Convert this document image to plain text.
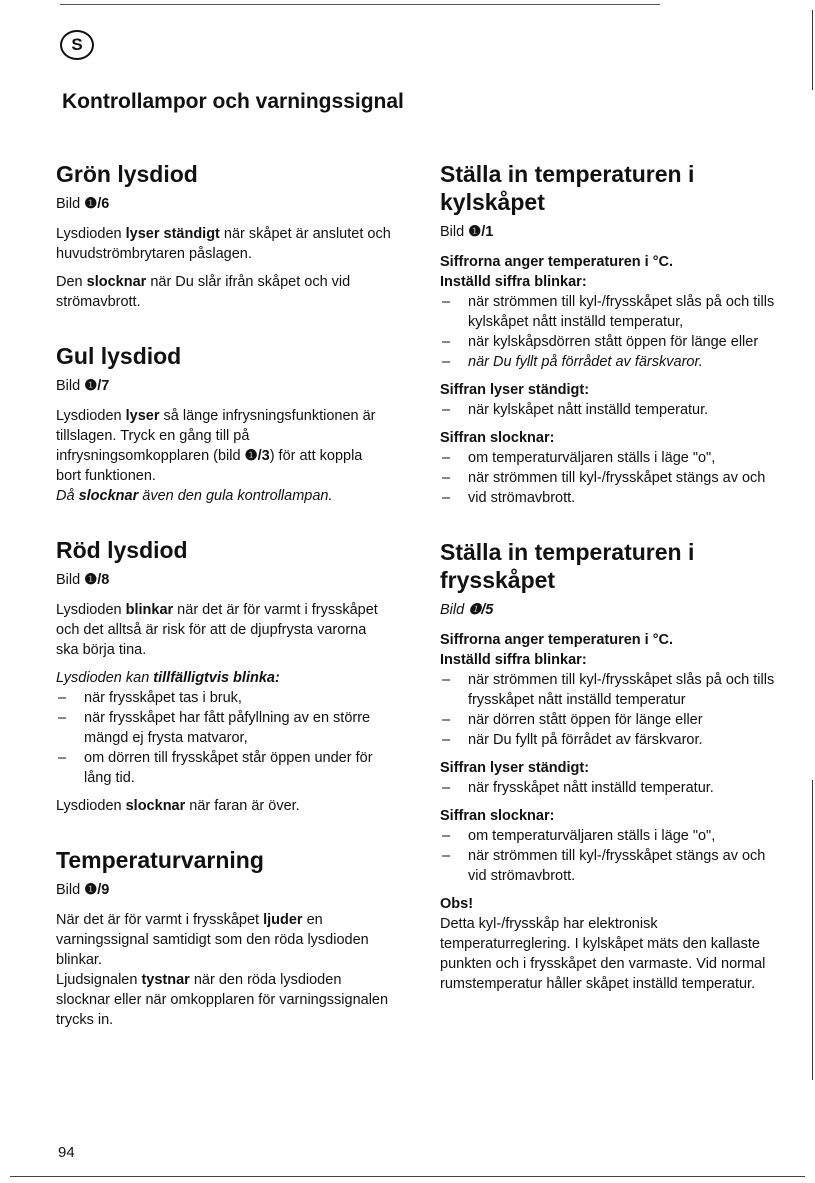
S
Kontrollampor och varningssignal
Grön lysdiod
Bild ❶/6

Lysdioden lyser ständigt när skåpet är anslutet och huvudströmbrytaren påslagen.

Den slocknar när Du slår ifrån skåpet och vid strömavbrott.

Gul lysdiod
Bild ❶/7

Lysdioden lyser så länge infrysningsfunktionen är tillslagen. Tryck en gång till på infrysningsomkopplaren (bild ❶/3) för att koppla bort funktionen.

Då slocknar även den gula kontrollampan.

Röd lysdiod
Bild ❶/8

Lysdioden blinkar när det är för varmt i frysskåpet och det alltså är risk för att de djupfrysta varorna ska börja tina.

Lysdioden kan tillfälligtvis blinka:

– när frysskåpet tas i bruk,
– när frysskåpet har fått påfyllning av en större mängd ej frysta matvaror,
– om dörren till frysskåpet står öppen under för lång tid.

Lysdioden slocknar när faran är över.

Temperaturvarning
Bild ❶/9

När det är för varmt i frysskåpet ljuder en varningssignal samtidigt som den röda lysdioden blinkar.

Ljudsignalen tystnar när den röda lysdioden slocknar eller när omkopplaren för varningssignalen trycks in.

Ställa in temperaturen i kylskåpet
Bild ❶/1

Siffrorna anger temperaturen i °C.

Inställd siffra blinkar:

– när strömmen till kyl-/frysskåpet slås på och tills kylskåpet nått inställd temperatur,
– när kylskåpsdörren stått öppen för länge eller
– när Du fyllt på förrådet av färskvaror.

Siffran lyser ständigt:

– när kylskåpet nått inställd temperatur.

Siffran slocknar:

– om temperaturväljaren ställs i läge "o",
– när strömmen till kyl-/frysskåpet stängs av och
– vid strömavbrott.
Ställa in temperaturen i frysskåpet
Bild ❶/5

Siffrorna anger temperaturen i °C.

Inställd siffra blinkar:

– när strömmen till kyl-/frysskåpet slås på och tills frysskåpet nått inställd temperatur
– när dörren stått öppen för länge eller
– när Du fyllt på förrådet av färskvaror.

Siffran lyser ständigt:

– när frysskåpet nått inställd temperatur.

Siffran slocknar:

– om temperaturväljaren ställs i läge "o",
– när strömmen till kyl-/frysskåpet stängs av och vid strömavbrott.

Obs!

Detta kyl-/frysskåp har elektronisk temperaturreglering. I kylskåpet mäts den kallaste punkten och i frysskåpet den varmaste. Vid normal rumstemperatur håller skåpet inställd temperatur.

94
